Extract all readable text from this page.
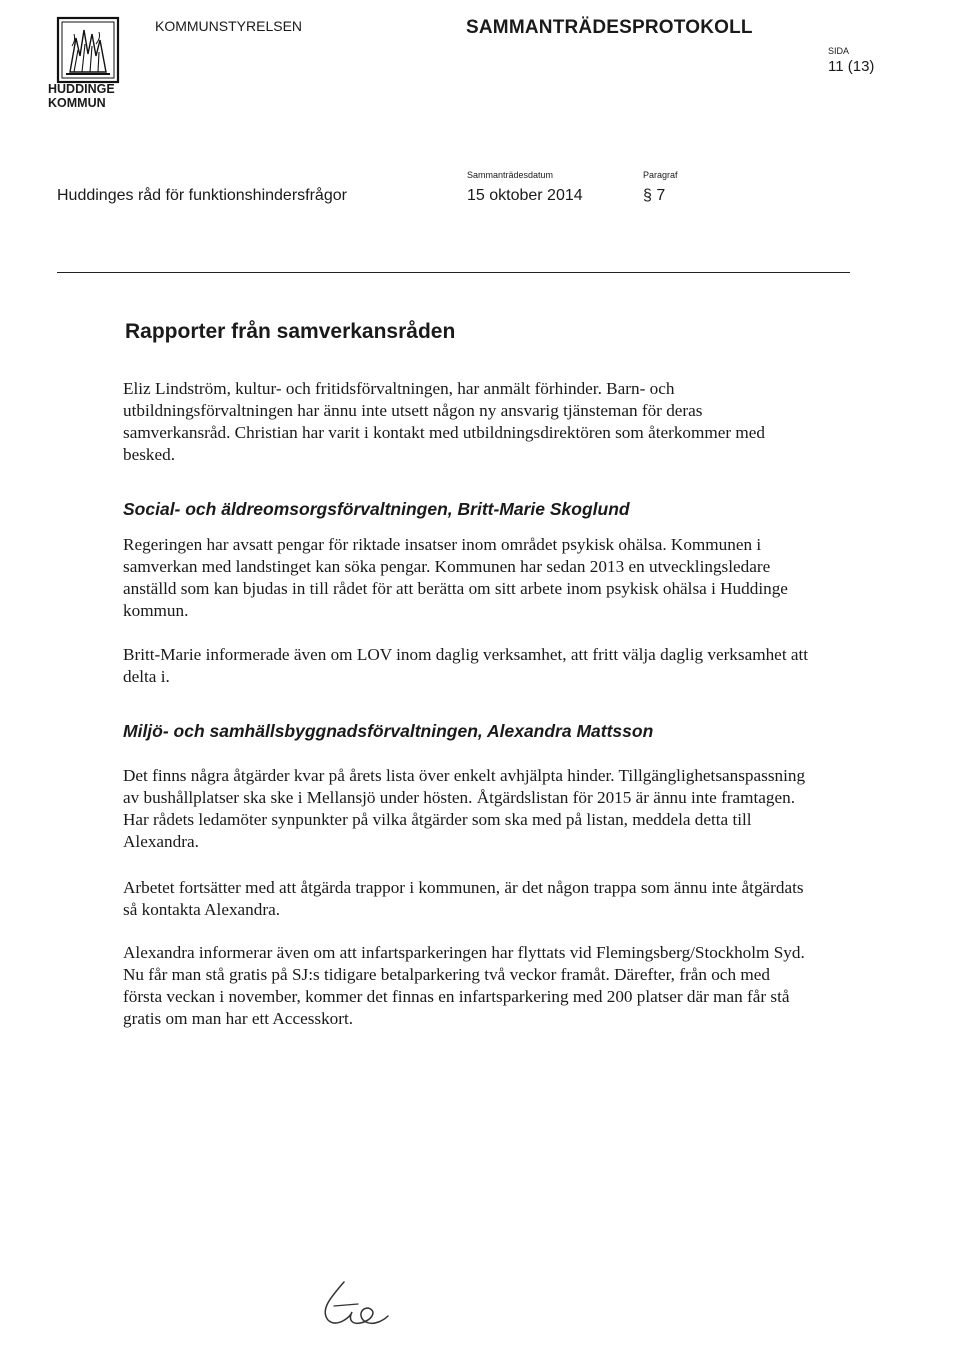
HUDDINGE
KOMMUN
KOMMUNSTYRELSEN	SAMMANTRÄDESPROTOKOLL
SIDA
11 (13)
Huddinges råd för funktionshindersfrågor
Sammanträdesdatum
15 oktober 2014
Paragraf
§ 7
Rapporter från samverkansråden

Eliz Lindström, kultur- och fritidsförvaltningen, har anmält förhinder. Barn- och utbildningsförvaltningen har ännu inte utsett någon ny ansvarig tjänsteman för deras samverkansråd. Christian har varit i kontakt med utbildningsdirektören som återkommer med besked.

Social- och äldreomsorgsförvaltningen, Britt-Marie Skoglund

Regeringen har avsatt pengar för riktade insatser inom området psykisk ohälsa. Kommunen i samverkan med landstinget kan söka pengar. Kommunen har sedan 2013 en utvecklingsledare anställd som kan bjudas in till rådet för att berätta om sitt arbete inom psykisk ohälsa i Huddinge kommun.

Britt-Marie informerade även om LOV inom daglig verksamhet, att fritt välja daglig verksamhet att delta i.

Miljö- och samhällsbyggnadsförvaltningen, Alexandra Mattsson

Det finns några åtgärder kvar på årets lista över enkelt avhjälpta hinder. Tillgänglighetsanspassning av bushållplatser ska ske i Mellansjö under hösten. Åtgärdslistan för 2015 är ännu inte framtagen. Har rådets ledamöter synpunkter på vilka åtgärder som ska med på listan, meddela detta till Alexandra.

Arbetet fortsätter med att åtgärda trappor i kommunen, är det någon trappa som ännu inte åtgärdats så kontakta Alexandra.

Alexandra informerar även om att infartsparkeringen har flyttats vid Flemingsberg/Stockholm Syd. Nu får man stå gratis på SJ:s tidigare betalparkering två veckor framåt. Därefter, från och med första veckan i november, kommer det finnas en infartsparkering med 200 platser där man får stå gratis om man har ett Accesskort.
